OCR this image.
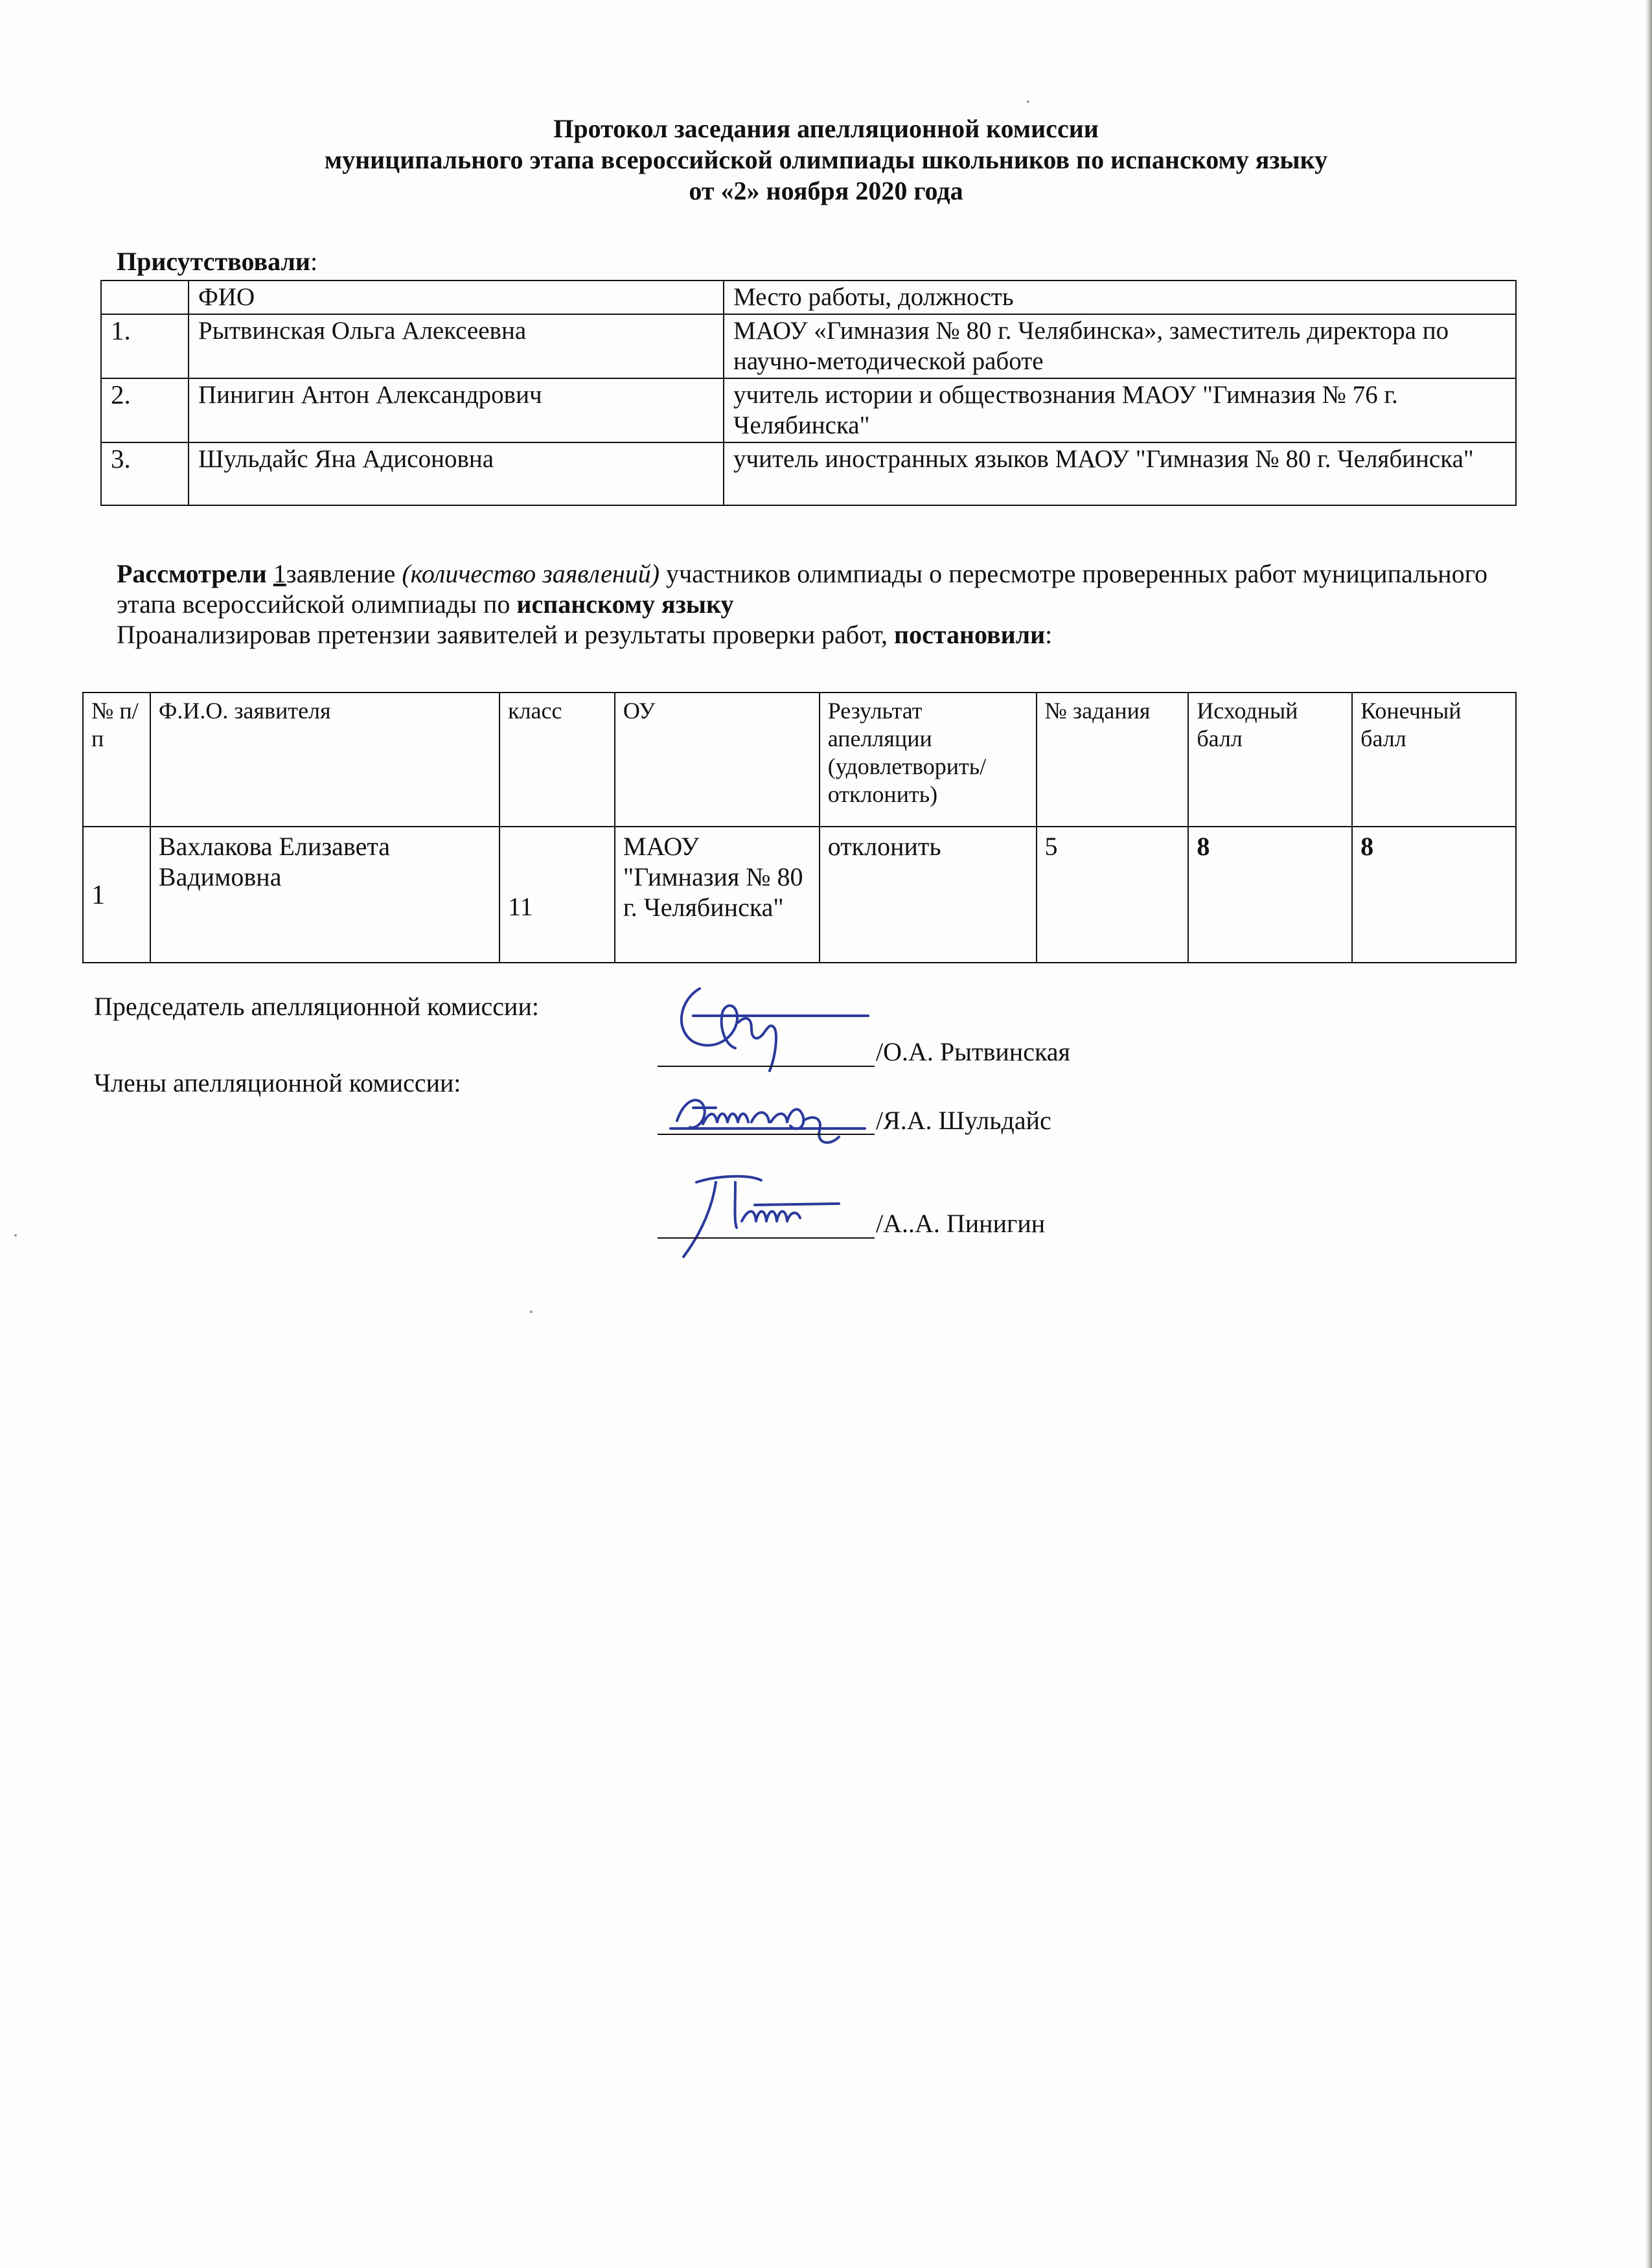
Протокол заседания апелляционной комиссии
муниципального этапа всероссийской олимпиады школьников по испанскому языку
от «2» ноября 2020 года
Присутствовали:
	ФИО	Место работы, должность
1.	Рытвинская Ольга Алексеевна	МАОУ «Гимназия № 80 г. Челябинска», заместитель директора по научно-методической работе
2.	Пинигин Антон Александрович	учитель истории и обществознания МАОУ "Гимназия № 76 г. Челябинска"
3.	Шульдайс Яна Адисоновна	учитель иностранных языков МАОУ "Гимназия № 80 г. Челябинска"

Рассмотрели 1заявление (количество заявлений) участников олимпиады о пересмотре проверенных работ муниципального этапа всероссийской олимпиады по испанскому языку

Проанализировав претензии заявителей и результаты проверки работ, постановили:

№ п/п	Ф.И.О. заявителя	класс	ОУ	Результат апелляции (удовлетворить/ отклонить)	№ задания	Исходный балл	Конечный балл
1	Вахлакова Елизавета Вадимовна	11	МАОУ "Гимназия № 80 г. Челябинска"	отклонить	5	8	8
Председатель апелляционной комиссии:
Члены апелляционной комиссии:
/О.А. Рытвинская
/Я.А. Шульдайс
/А..А. Пинигин
